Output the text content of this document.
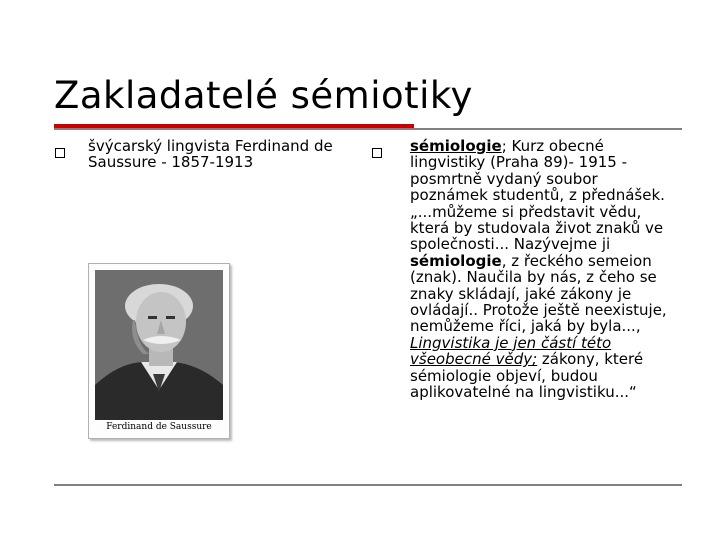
Zakladatelé sémiotiky
švýcarský lingvista Ferdinand de Saussure - 1857-1913
Ferdinand de Saussure
sémiologie; Kurz obecné lingvistiky (Praha 89)- 1915 - posmrtně vydaný soubor poznámek studentů, z přednášek. „...můžeme si představit vědu, která by studovala život znaků ve společnosti... Nazývejme ji sémiologie, z řeckého semeion (znak). Naučila by nás, z čeho se znaky skládají, jaké zákony je ovládají.. Protože ještě neexistuje, nemůžeme říci, jaká by byla..., Lingvistika je jen částí této všeobecné vědy; zákony, které sémiologie objeví, budou aplikovatelné na lingvistiku...“
